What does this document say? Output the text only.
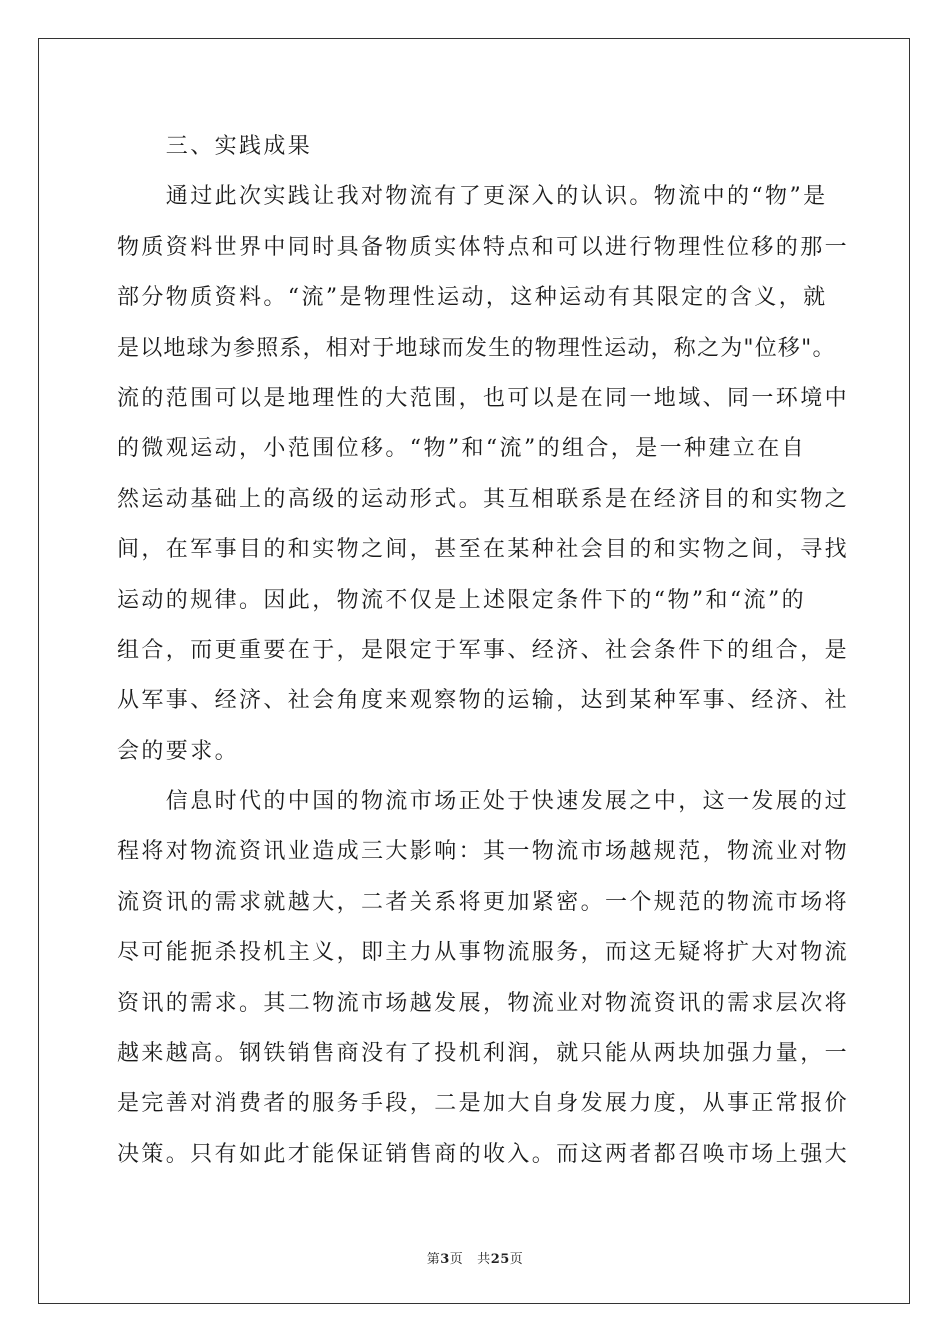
　　三、实践成果

　　通过此次实践让我对物流有了更深入的认识。物流中的“物”是

物质资料世界中同时具备物质实体特点和可以进行物理性位移的那一

部分物质资料。“流”是物理性运动，这种运动有其限定的含义，就

是以地球为参照系，相对于地球而发生的物理性运动，称之为"位移"。

流的范围可以是地理性的大范围，也可以是在同一地域、同一环境中

的微观运动，小范围位移。“物”和“流”的组合，是一种建立在自

然运动基础上的高级的运动形式。其互相联系是在经济目的和实物之

间，在军事目的和实物之间，甚至在某种社会目的和实物之间，寻找

运动的规律。因此，物流不仅是上述限定条件下的“物”和“流”的

组合，而更重要在于，是限定于军事、经济、社会条件下的组合，是

从军事、经济、社会角度来观察物的运输，达到某种军事、经济、社

会的要求。

　　信息时代的中国的物流市场正处于快速发展之中，这一发展的过

程将对物流资讯业造成三大影响：其一物流市场越规范，物流业对物

流资讯的需求就越大，二者关系将更加紧密。一个规范的物流市场将

尽可能扼杀投机主义，即主力从事物流服务，而这无疑将扩大对物流

资讯的需求。其二物流市场越发展，物流业对物流资讯的需求层次将

越来越高。钢铁销售商没有了投机利润，就只能从两块加强力量，一

是完善对消费者的服务手段，二是加大自身发展力度，从事正常报价

决策。只有如此才能保证销售商的收入。而这两者都召唤市场上强大

第3页 共25页
